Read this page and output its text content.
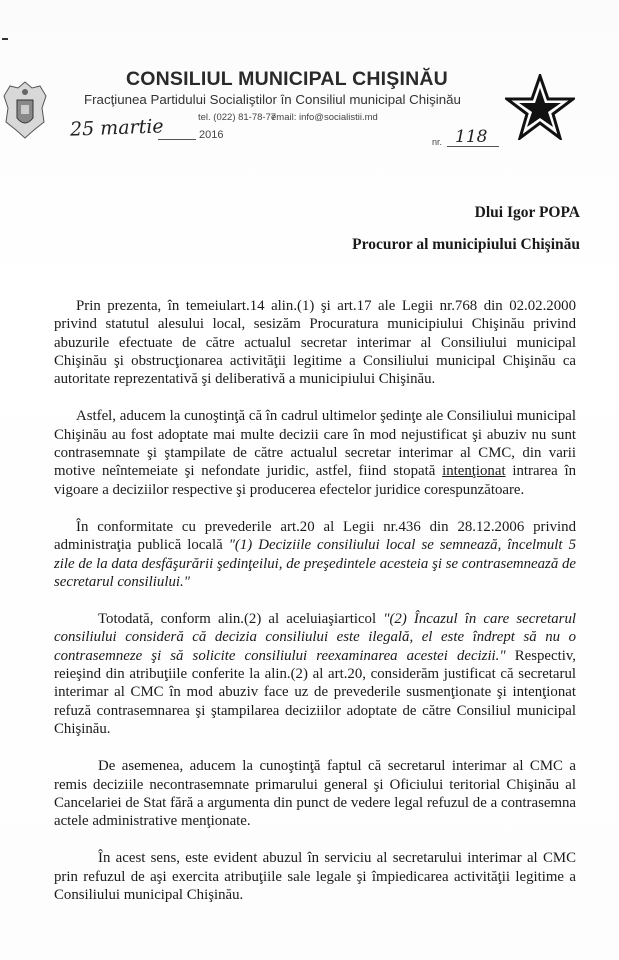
CONSILIUL MUNICIPAL CHIŞINĂU
Fracţiunea Partidului Socialiştilor în Consiliul municipal Chişinău
tel. (022) 81-78-77
email: info@socialistii.md
25 martie	2016
nr. 118
Dlui Igor POPA
Procuror al municipiului Chişinău

Prin prezenta, în temeiulart.14 alin.(1) şi art.17 ale Legii nr.768 din 02.02.2000 privind statutul alesului local, sesizăm Procuratura municipiului Chişinău privind abuzurile efectuate de către actualul secretar interimar al Consiliului municipal Chişinău şi obstrucţionarea activităţii legitime a Consiliului municipal Chişinău ca autoritate reprezentativă şi deliberativă a municipiului Chişinău.

Astfel, aducem la cunoştinţă că în cadrul ultimelor şedinţe ale Consiliului municipal Chişinău au fost adoptate mai multe decizii care în mod nejustificat şi abuziv nu sunt contrasemnate şi ştampilate de către actualul secretar interimar al CMC, din varii motive neîntemeiate şi nefondate juridic, astfel, fiind stopată intenţionat intrarea în vigoare a deciziilor respective şi producerea efectelor juridice corespunzătoare.

În conformitate cu prevederile art.20 al Legii nr.436 din 28.12.2006 privind administraţia publică locală "(1) Deciziile consiliului local se semnează, încelmult 5 zile de la data desfăşurării şedinţeilui, de preşedintele acesteia şi se contrasemnează de secretarul consiliului."

Totodată, conform alin.(2) al aceluiaşiarticol "(2) Încazul în care secretarul consiliului consideră că decizia consiliului este ilegală, el este îndrept să nu o contrasemneze şi să solicite consiliului reexaminarea acestei decizii." Respectiv, reieşind din atribuţiile conferite la alin.(2) al art.20, considerăm justificat că secretarul interimar al CMC în mod abuziv face uz de prevederile susmenţionate şi intenţionat refuză contrasemnarea şi ştampilarea deciziilor adoptate de către Consiliul municipal Chişinău.

De asemenea, aducem la cunoştinţă faptul că secretarul interimar al CMC a remis deciziile necontrasemnate primarului general şi Oficiului teritorial Chişinău al Cancelariei de Stat fără a argumenta din punct de vedere legal refuzul de a contrasemna actele administrative menţionate.

În acest sens, este evident abuzul în serviciu al secretarului interimar al CMC prin refuzul de aşi exercita atribuţiile sale legale şi împiedicarea activităţii legitime a Consiliului municipal Chişinău.
